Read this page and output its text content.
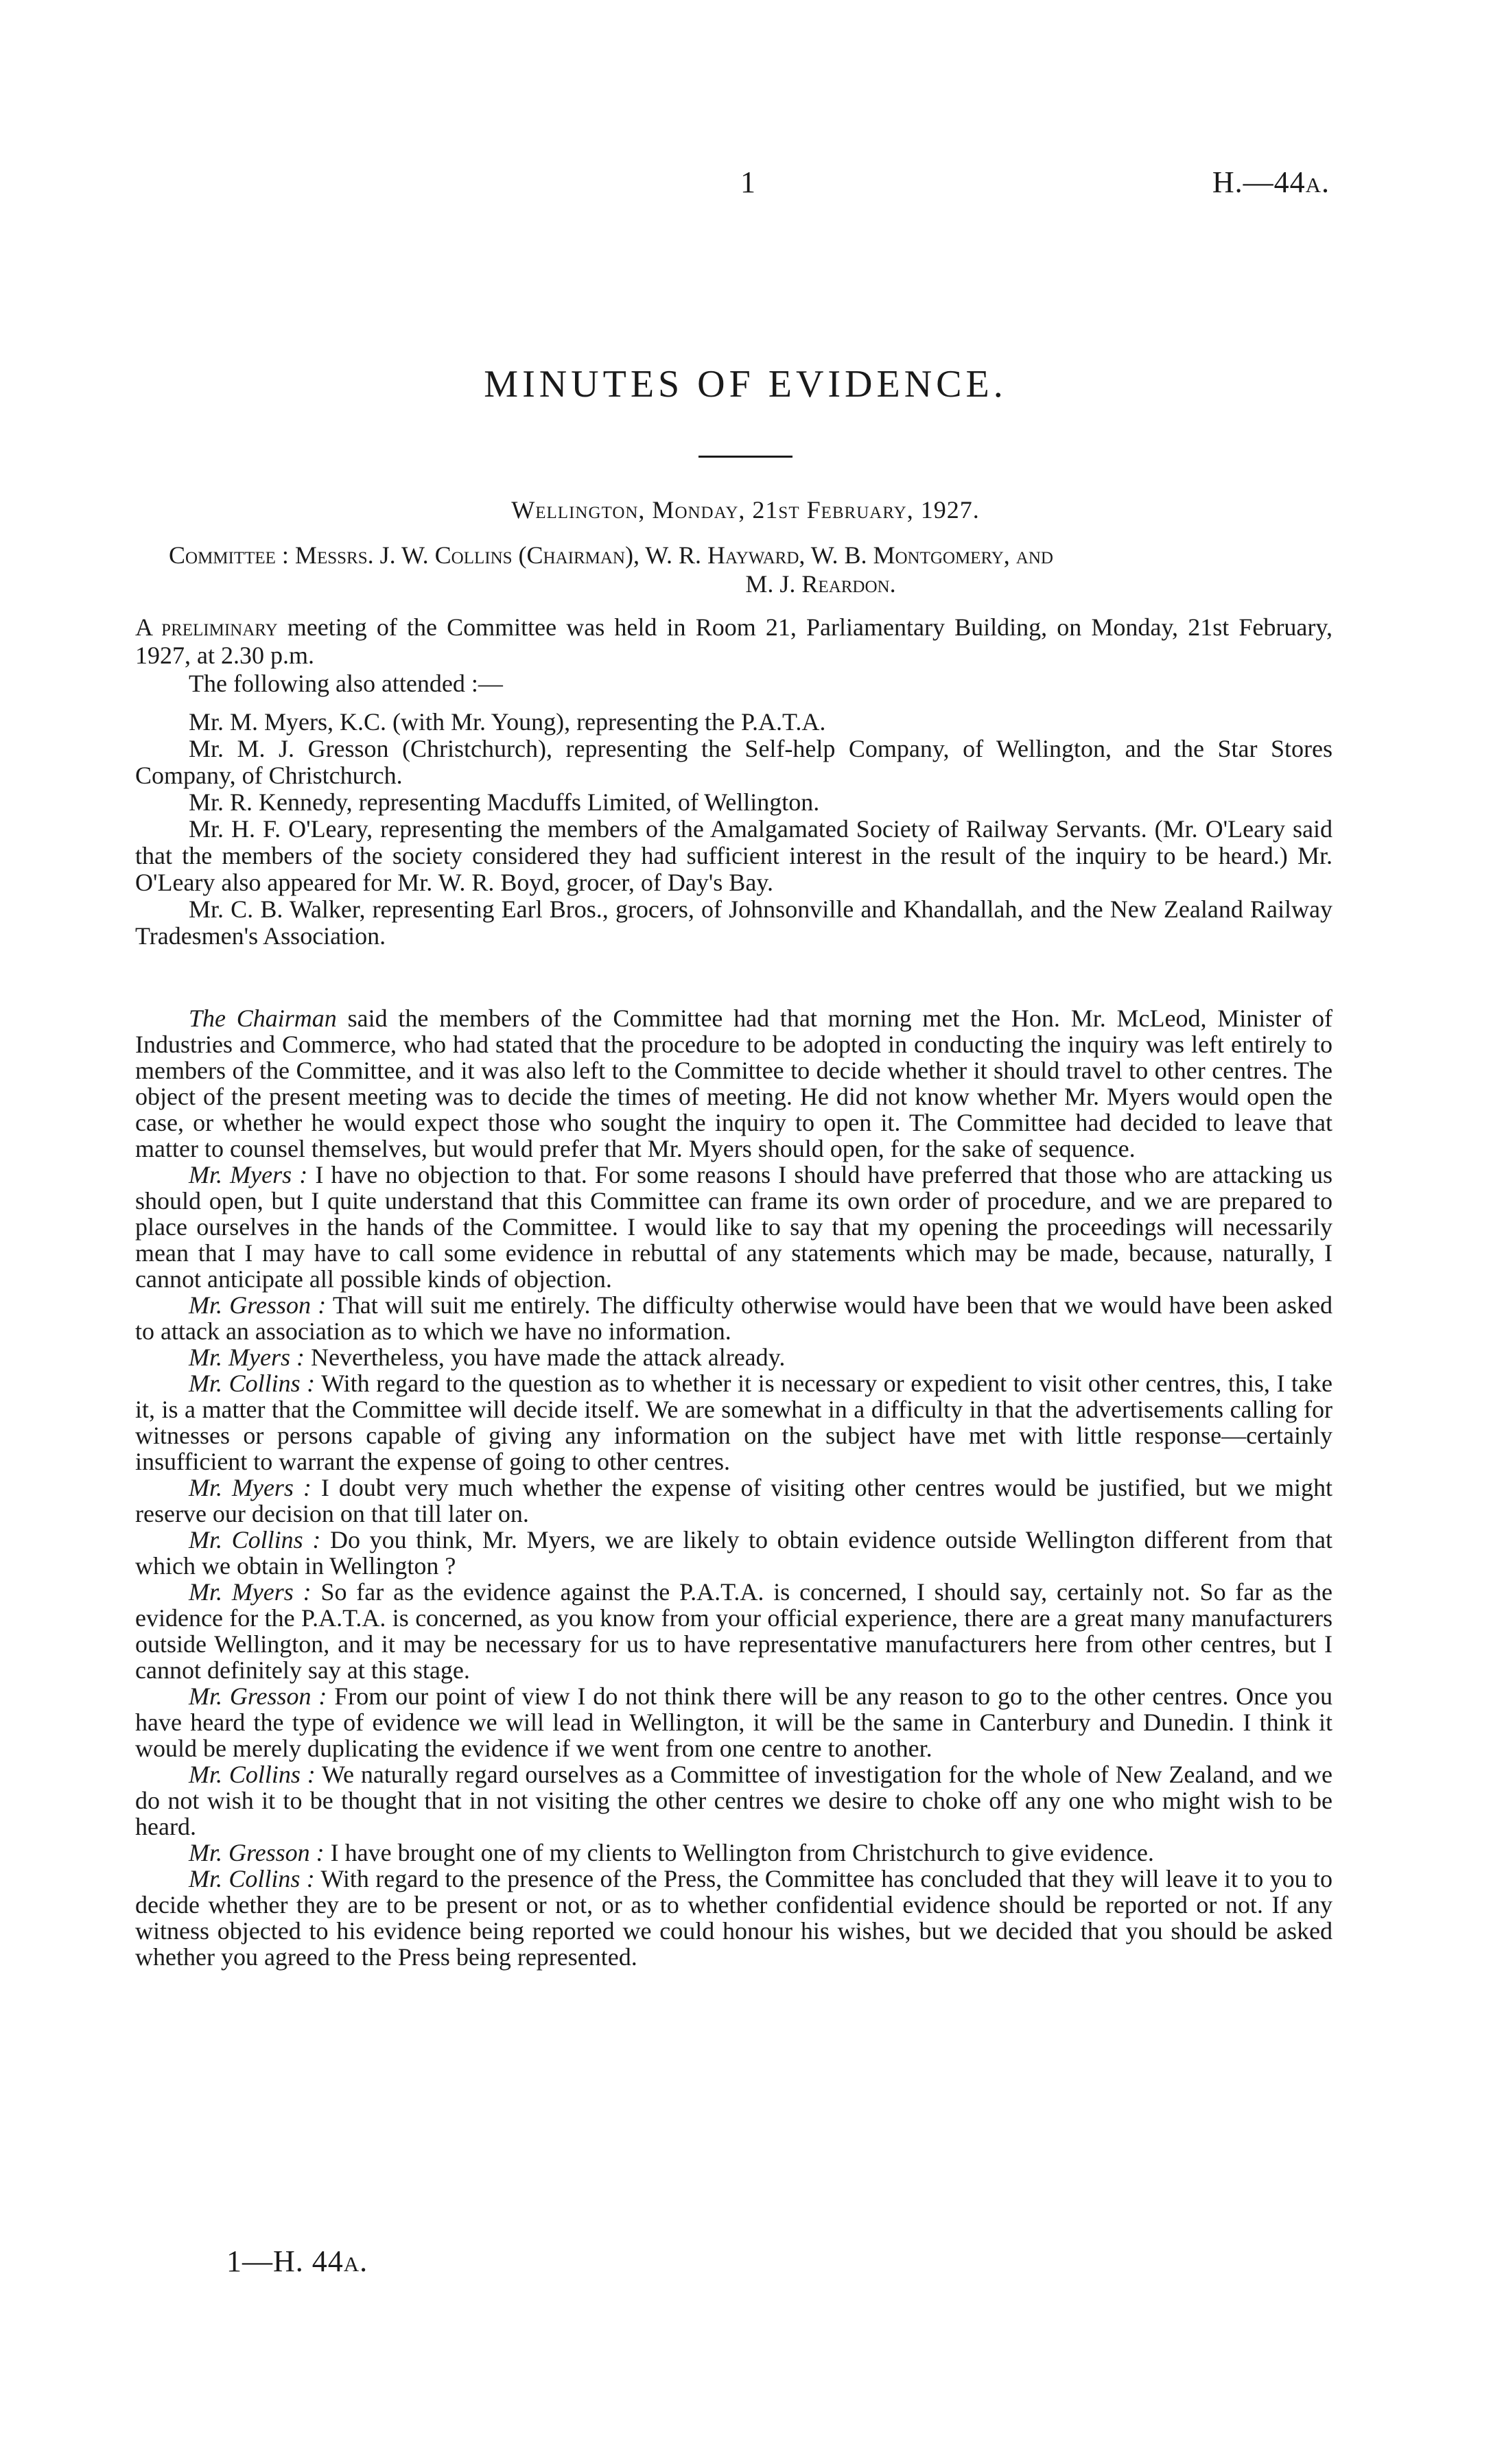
1	H.—44a.
MINUTES OF EVIDENCE.
Wellington, Monday, 21st February, 1927.
Committee : Messrs. J. W. Collins (Chairman), W. R. Hayward, W. B. Montgomery, and
M. J. Reardon.
A preliminary meeting of the Committee was held in Room 21, Parliamentary Building, on Monday, 21st February, 1927, at 2.30 p.m.
The following also attended :—

Mr. M. Myers, K.C. (with Mr. Young), representing the P.A.T.A.

Mr. M. J. Gresson (Christchurch), representing the Self-help Company, of Wellington, and the Star Stores Company, of Christchurch.

Mr. R. Kennedy, representing Macduffs Limited, of Wellington.

Mr. H. F. O'Leary, representing the members of the Amalgamated Society of Railway Servants. (Mr. O'Leary said that the members of the society considered they had sufficient interest in the result of the inquiry to be heard.) Mr. O'Leary also appeared for Mr. W. R. Boyd, grocer, of Day's Bay.

Mr. C. B. Walker, representing Earl Bros., grocers, of Johnsonville and Khandallah, and the New Zealand Railway Tradesmen's Association.

The Chairman said the members of the Committee had that morning met the Hon. Mr. McLeod, Minister of Industries and Commerce, who had stated that the procedure to be adopted in conducting the inquiry was left entirely to members of the Committee, and it was also left to the Committee to decide whether it should travel to other centres. The object of the present meeting was to decide the times of meeting. He did not know whether Mr. Myers would open the case, or whether he would expect those who sought the inquiry to open it. The Committee had decided to leave that matter to counsel themselves, but would prefer that Mr. Myers should open, for the sake of sequence.

Mr. Myers : I have no objection to that. For some reasons I should have preferred that those who are attacking us should open, but I quite understand that this Committee can frame its own order of procedure, and we are prepared to place ourselves in the hands of the Committee. I would like to say that my opening the proceedings will necessarily mean that I may have to call some evidence in rebuttal of any statements which may be made, because, naturally, I cannot anticipate all possible kinds of objection.

Mr. Gresson : That will suit me entirely. The difficulty otherwise would have been that we would have been asked to attack an association as to which we have no information.

Mr. Myers : Nevertheless, you have made the attack already.

Mr. Collins : With regard to the question as to whether it is necessary or expedient to visit other centres, this, I take it, is a matter that the Committee will decide itself. We are somewhat in a difficulty in that the advertisements calling for witnesses or persons capable of giving any information on the subject have met with little response—certainly insufficient to warrant the expense of going to other centres.

Mr. Myers : I doubt very much whether the expense of visiting other centres would be justified, but we might reserve our decision on that till later on.

Mr. Collins : Do you think, Mr. Myers, we are likely to obtain evidence outside Wellington different from that which we obtain in Wellington ?

Mr. Myers : So far as the evidence against the P.A.T.A. is concerned, I should say, certainly not. So far as the evidence for the P.A.T.A. is concerned, as you know from your official experience, there are a great many manufacturers outside Wellington, and it may be necessary for us to have representative manufacturers here from other centres, but I cannot definitely say at this stage.

Mr. Gresson : From our point of view I do not think there will be any reason to go to the other centres. Once you have heard the type of evidence we will lead in Wellington, it will be the same in Canterbury and Dunedin. I think it would be merely duplicating the evidence if we went from one centre to another.

Mr. Collins : We naturally regard ourselves as a Committee of investigation for the whole of New Zealand, and we do not wish it to be thought that in not visiting the other centres we desire to choke off any one who might wish to be heard.

Mr. Gresson : I have brought one of my clients to Wellington from Christchurch to give evidence.

Mr. Collins : With regard to the presence of the Press, the Committee has concluded that they will leave it to you to decide whether they are to be present or not, or as to whether confidential evidence should be reported or not. If any witness objected to his evidence being reported we could honour his wishes, but we decided that you should be asked whether you agreed to the Press being represented.

1—H. 44a.
